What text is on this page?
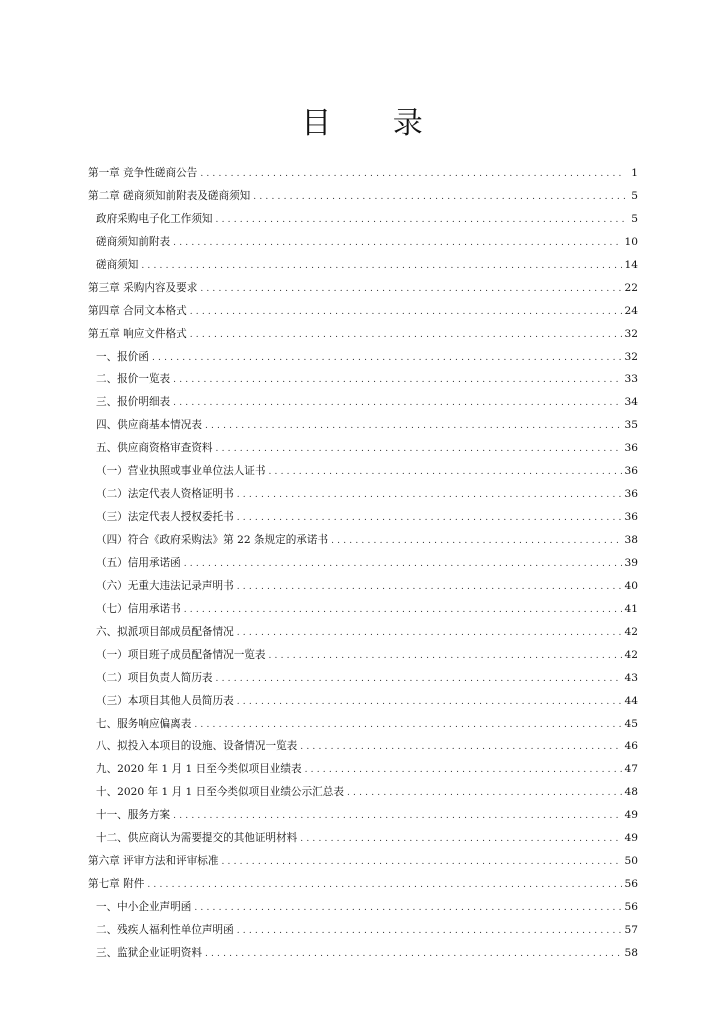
目 录
第一章 竞争性磋商公告 .....	1
第二章 磋商须知前附表及磋商须知 .....	5
政府采购电子化工作须知 .....	5
磋商须知前附表 .....	10
磋商须知 .....	14
第三章 采购内容及要求 .....	22
第四章 合同文本格式 .....	24
第五章 响应文件格式 .....	32
一、报价函 .....	32
二、报价一览表 .....	33
三、报价明细表 .....	34
四、供应商基本情况表 .....	35
五、供应商资格审查资料 .....	36
（一）营业执照或事业单位法人证书 .....	36
（二）法定代表人资格证明书 .....	36
（三）法定代表人授权委托书 .....	36
（四）符合《政府采购法》第 22 条规定的承诺书 .....	38
（五）信用承诺函 .....	39
（六）无重大违法记录声明书 .....	40
（七）信用承诺书 .....	41
六、拟派项目部成员配备情况 .....	42
（一）项目班子成员配备情况一览表 .....	42
（二）项目负责人简历表 .....	43
（三）本项目其他人员简历表 .....	44
七、服务响应偏离表 .....	45
八、拟投入本项目的设施、设备情况一览表 .....	46
九、2020 年 1 月 1 日至今类似项目业绩表 .....	47
十、2020 年 1 月 1 日至今类似项目业绩公示汇总表 .....	48
十一、服务方案 .....	49
十二、供应商认为需要提交的其他证明材料 .....	49
第六章 评审方法和评审标准 .....	50
第七章 附件 .....	56
一、中小企业声明函 .....	56
二、残疾人福利性单位声明函 .....	57
三、监狱企业证明资料 .....	58
